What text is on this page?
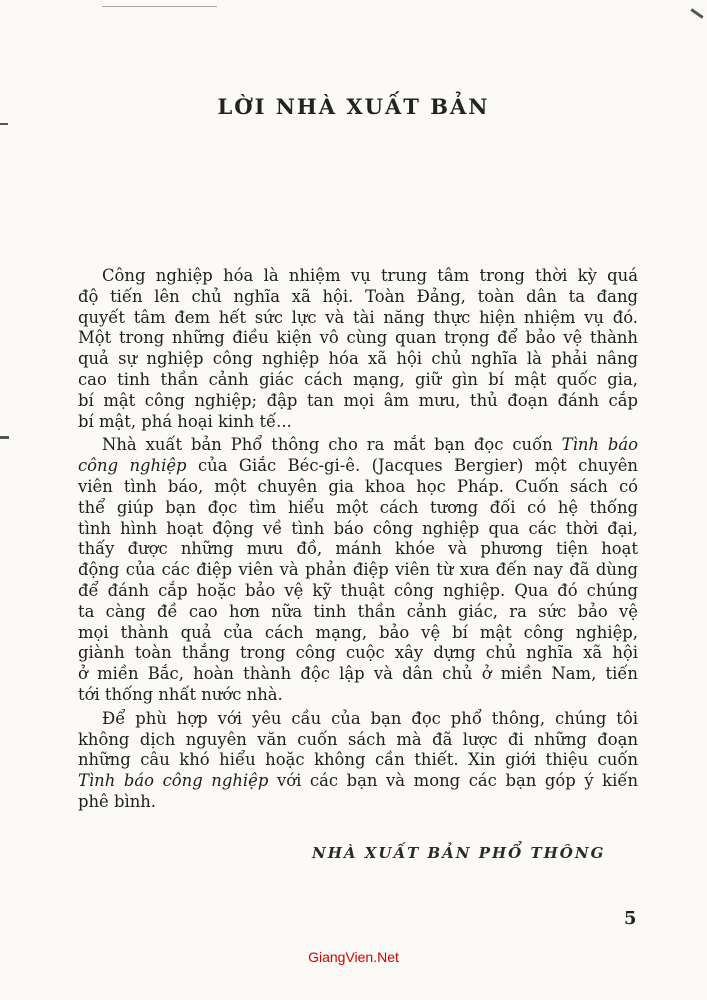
LỜI NHÀ XUẤT BẢN
Công nghiệp hóa là nhiệm vụ trung tâm trong thời kỳ quá
độ tiến lên chủ nghĩa xã hội. Toàn Đảng, toàn dân ta đang
quyết tâm đem hết sức lực và tài năng thực hiện nhiệm vụ đó.
Một trong những điều kiện vô cùng quan trọng để bảo vệ thành
quả sự nghiệp công nghiệp hóa xã hội chủ nghĩa là phải nâng
cao tinh thần cảnh giác cách mạng, giữ gìn bí mật quốc gia,
bí mật công nghiệp; đập tan mọi âm mưu, thủ đoạn đánh cắp
bí mật, phá hoại kinh tế...
Nhà xuất bản Phổ thông cho ra mắt bạn đọc cuốn Tình báo
công nghiệp của Giắc Béc-gi-ê. (Jacques Bergier) một chuyên
viên tình báo, một chuyên gia khoa học Pháp. Cuốn sách có
thể giúp bạn đọc tìm hiểu một cách tương đối có hệ thống
tình hình hoạt động về tình báo công nghiệp qua các thời đại,
thấy được những mưu đồ, mánh khóe và phương tiện hoạt
động của các điệp viên và phản điệp viên từ xưa đến nay đã dùng
để đánh cắp hoặc bảo vệ kỹ thuật công nghiệp. Qua đó chúng
ta càng đề cao hơn nữa tinh thần cảnh giác, ra sức bảo vệ
mọi thành quả của cách mạng, bảo vệ bí mật công nghiệp,
giành toàn thắng trong công cuộc xây dựng chủ nghĩa xã hội
ở miền Bắc, hoàn thành độc lập và dân chủ ở miền Nam, tiến
tới thống nhất nước nhà.
Để phù hợp với yêu cầu của bạn đọc phổ thông, chúng tôi
không dịch nguyên văn cuốn sách mà đã lược đi những đoạn
những câu khó hiểu hoặc không cần thiết. Xin giới thiệu cuốn
Tình báo công nghiệp với các bạn và mong các bạn góp ý kiến
phê bình.
NHÀ XUẤT BẢN PHỔ THÔNG
5
GiangVien.Net
